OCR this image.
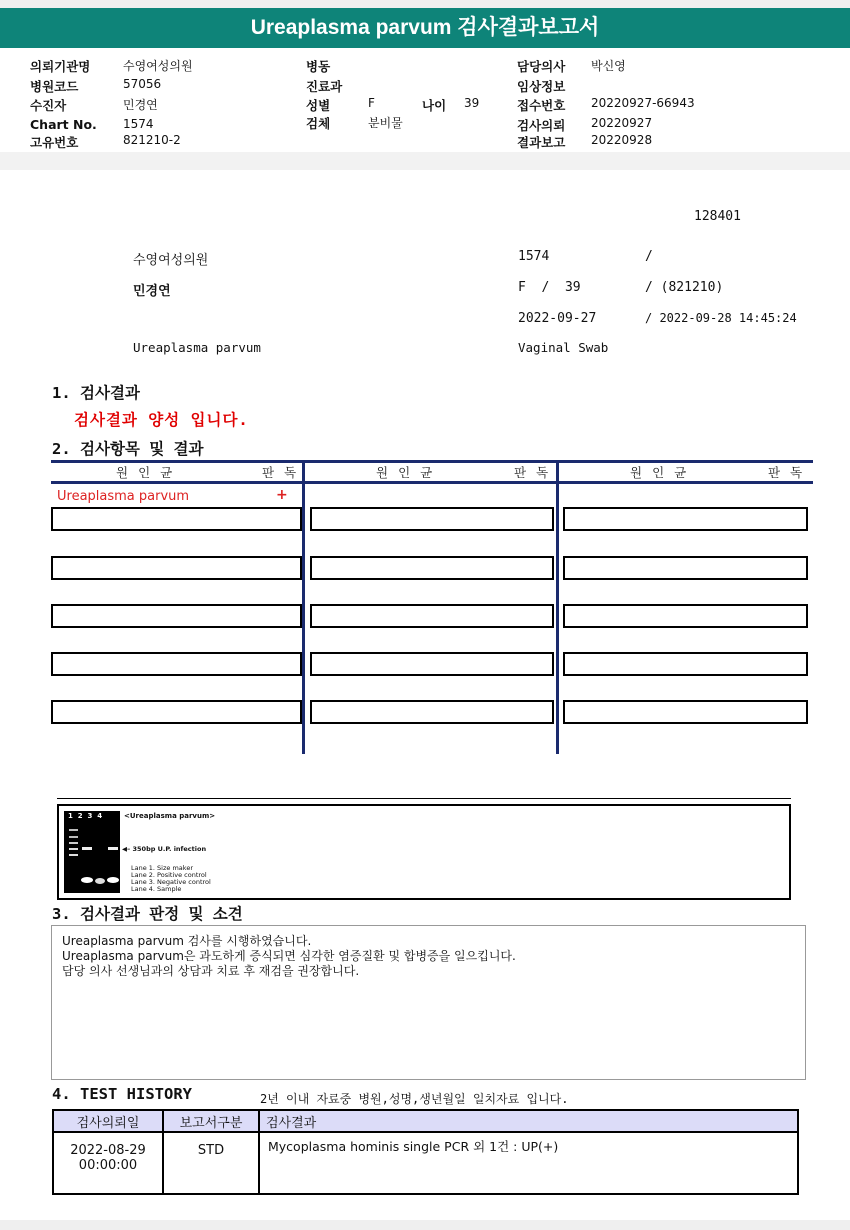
Ureaplasma parvum 검사결과보고서
의뢰기관명	수영여성의원
병원코드	57056
수진자	민경연
Chart No. 1574
고유번호	821210-2
병동
진료과
성별	F	나이 39
검체	분비물
담당의사 박신영
임상정보
접수번호 20220927-66943
검사의뢰 20220927
결과보고 20220928
128401
수영여성의원	1574	/
민경연	F  /  39	/ (821210)
2022-09-27	/ 2022-09-28 14:45:24
Ureaplasma parvum	Vaginal Swab
1. 검사결과
검사결과 양성 입니다.
2. 검사항목 및 결과
원인균	판독	원인균	판독	원인균	판독
Ureaplasma parvum	+
1  2  3  4	<Ureaplasma parvum>
◀– 350bp U.P. infection
Lane 1. Size maker
Lane 2. Positive control
Lane 3. Negative control
Lane 4. Sample
3. 검사결과 판정 및 소견
Ureaplasma parvum 검사를 시행하였습니다.
Ureaplasma parvum은 과도하게 증식되면 심각한 염증질환 및 합병증을 일으킵니다.
담당 의사 선생님과의 상담과 치료 후 재검을 권장합니다.
4. TEST HISTORY	2년 이내 자료중 병원,성명,생년월일 일치자료 입니다.
검사의뢰일	보고서구분	검사결과

2022-08-29
00:00:00	STD	Mycoplasma hominis single PCR 외 1건 : UP(+)
